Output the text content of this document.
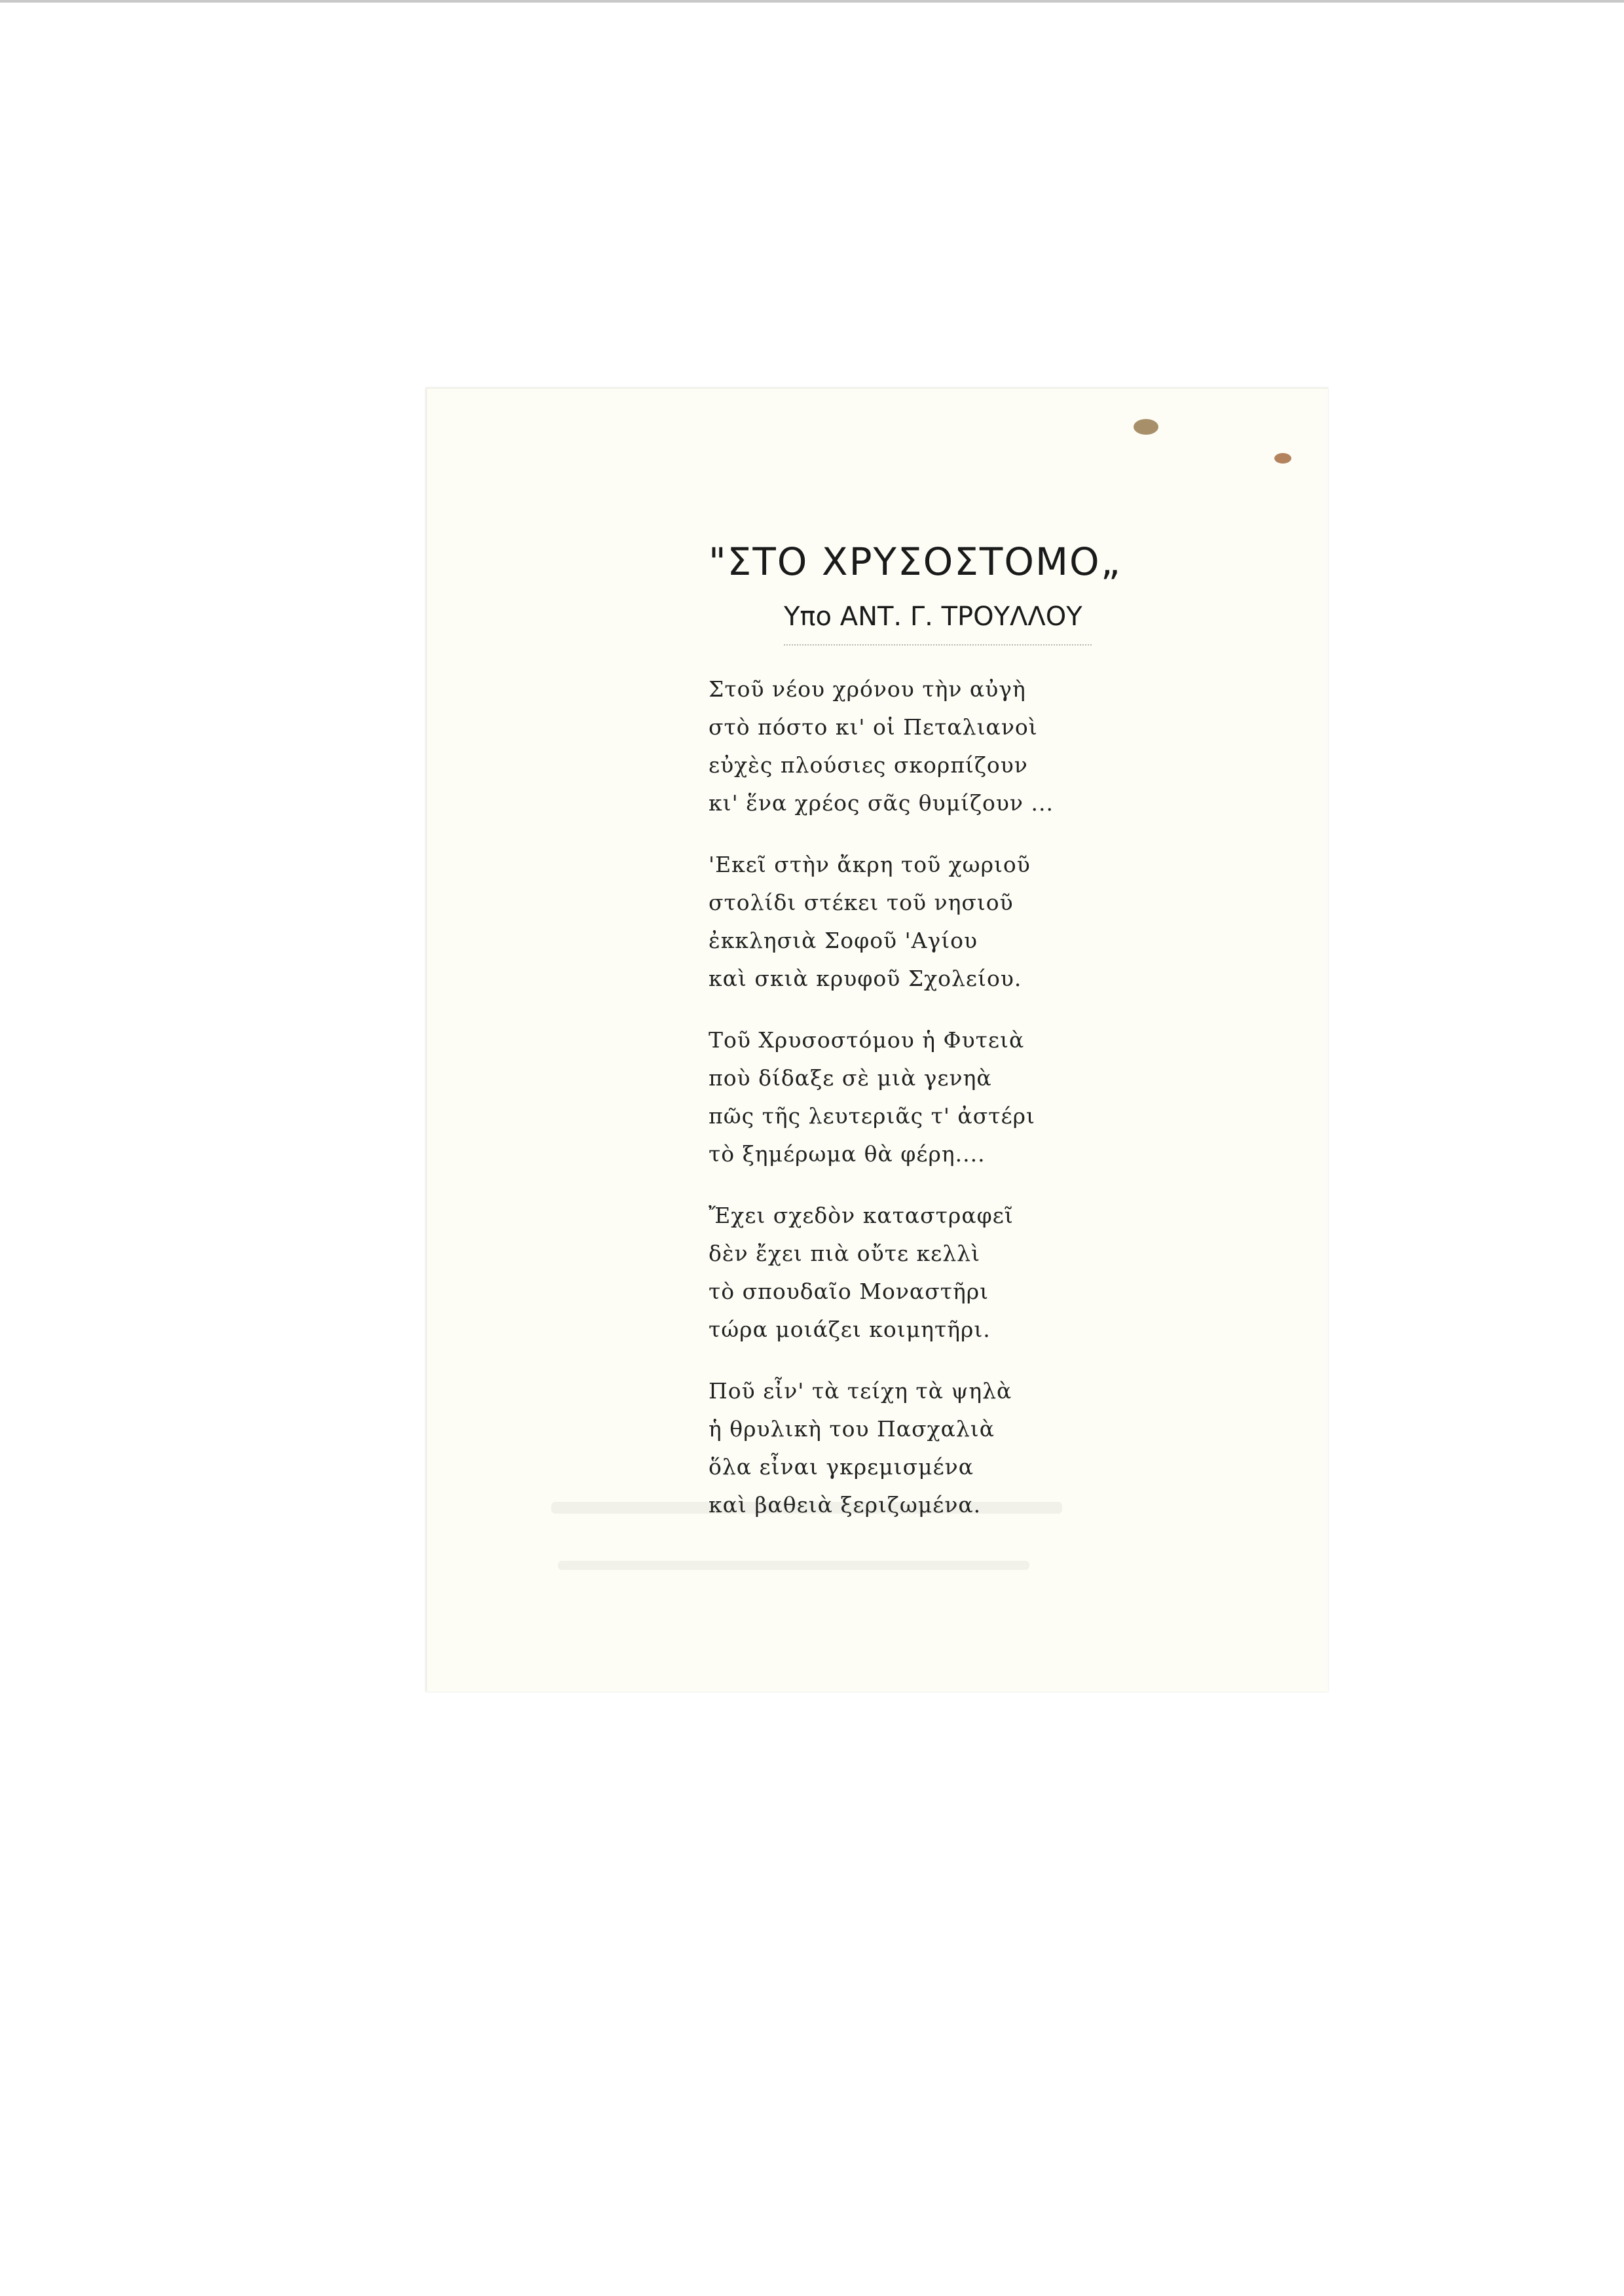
"ΣΤΟ ΧΡΥΣΟΣΤΟΜΟ„
Υπο ΑΝΤ. Γ. ΤΡΟΥΛΛΟΥ
Στοῦ νέου χρόνου τὴν αὐγὴ
στὸ πόστο κι' οἱ Πεταλιανοὶ
εὐχὲς πλούσιες σκορπίζουν
κι' ἕνα χρέος σᾶς θυμίζουν ...
'Εκεῖ στὴν ἄκρη τοῦ χωριοῦ
στολίδι στέκει τοῦ νησιοῦ
ἐκκλησιὰ Σοφοῦ 'Αγίου
καὶ σκιὰ κρυφοῦ Σχολείου.
Τοῦ Χρυσοστόμου ἡ Φυτειὰ
ποὺ δίδαξε σὲ μιὰ γενηὰ
πῶς τῆς λευτεριᾶς τ' ἀστέρι
τὸ ξημέρωμα θὰ φέρη....
Ἔχει σχεδὸν καταστραφεῖ
δὲν ἔχει πιὰ οὔτε κελλὶ
τὸ σπουδαῖο Μοναστῆρι
τώρα μοιάζει κοιμητῆρι.
Ποῦ εἶν' τὰ τείχη τὰ ψηλὰ
ἡ θρυλικὴ του Πασχαλιὰ
ὅλα εἶναι γκρεμισμένα
καὶ βαθειὰ ξεριζωμένα.
